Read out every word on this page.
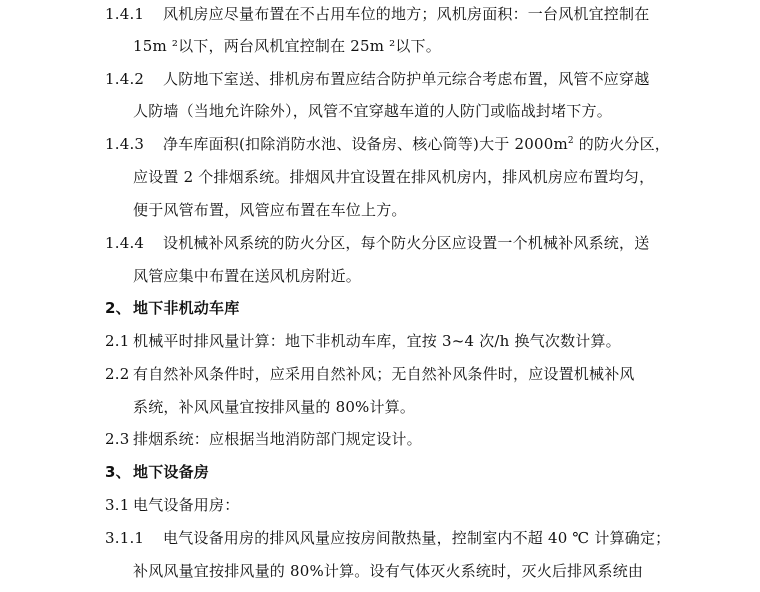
1.4.1 风机房应尽量布置在不占用车位的地方；风机房面积：一台风机宜控制在
15m ²以下，两台风机宜控制在 25m ²以下。
1.4.2 人防地下室送、排机房布置应结合防护单元综合考虑布置，风管不应穿越
人防墙（当地允许除外），风管不宜穿越车道的人防门或临战封堵下方。
1.4.3 净车库面积(扣除消防水池、设备房、核心筒等)大于 $2000m^2$ 的防火分区，
应设置 2 个排烟系统。排烟风井宜设置在排风机房内，排风机房应布置均匀，
便于风管布置，风管应布置在车位上方。
1.4.4 设机械补风系统的防火分区，每个防火分区应设置一个机械补风系统，送
风管应集中布置在送风机房附近。
2、 地下非机动车库
2.1 机械平时排风量计算：地下非机动车库，宜按 3~4 次/h 换气次数计算。
2.2 有自然补风条件时，应采用自然补风；无自然补风条件时，应设置机械补风
系统，补风风量宜按排风量的 80%计算。
2.3 排烟系统：应根据当地消防部门规定设计。
3、 地下设备房
3.1 电气设备用房：
3.1.1 电气设备用房的排风风量应按房间散热量，控制室内不超 40 ℃ 计算确定；
补风风量宜按排风量的 80%计算。设有气体灭火系统时，灭火后排风系统由
